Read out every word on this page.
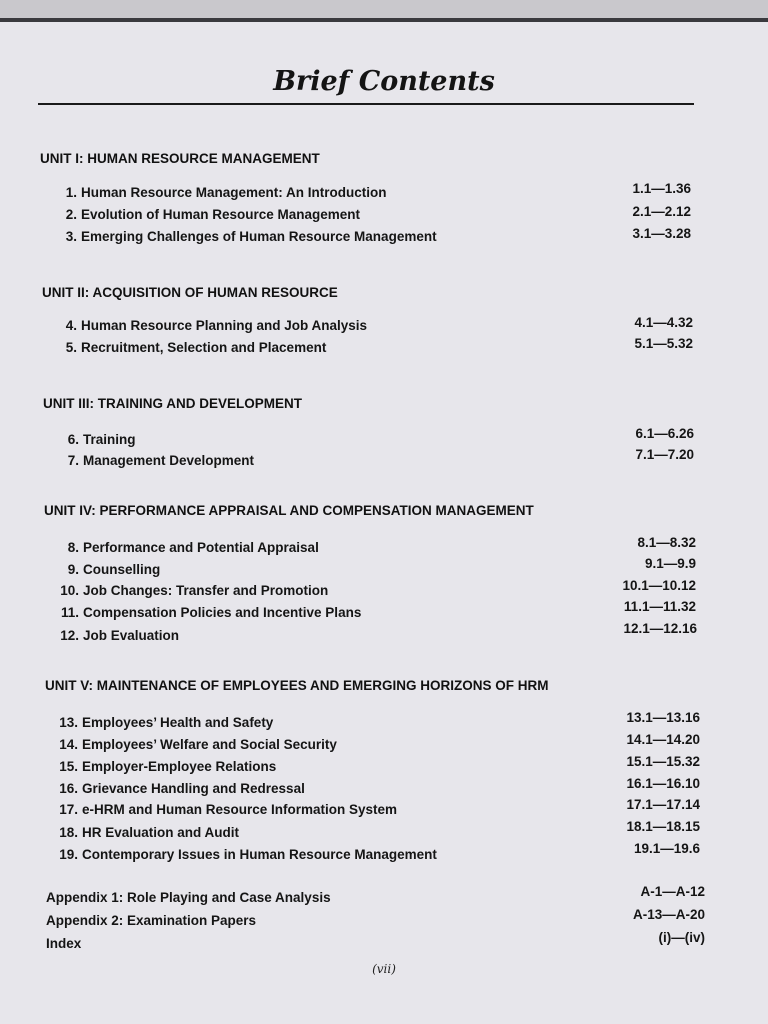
Brief Contents
UNIT I: HUMAN RESOURCE MANAGEMENT
1. Human Resource Management: An Introduction	1.1—1.36
2. Evolution of Human Resource Management	2.1—2.12
3. Emerging Challenges of Human Resource Management	3.1—3.28
UNIT II: ACQUISITION OF HUMAN RESOURCE
4. Human Resource Planning and Job Analysis	4.1—4.32
5. Recruitment, Selection and Placement	5.1—5.32
UNIT III: TRAINING AND DEVELOPMENT
6. Training	6.1—6.26
7. Management Development	7.1—7.20
UNIT IV: PERFORMANCE APPRAISAL AND COMPENSATION MANAGEMENT
8. Performance and Potential Appraisal	8.1—8.32
9. Counselling	9.1—9.9
10. Job Changes: Transfer and Promotion	10.1—10.12
11. Compensation Policies and Incentive Plans	11.1—11.32
12. Job Evaluation	12.1—12.16
UNIT V: MAINTENANCE OF EMPLOYEES AND EMERGING HORIZONS OF HRM
13. Employees’ Health and Safety	13.1—13.16
14. Employees’ Welfare and Social Security	14.1—14.20
15. Employer-Employee Relations	15.1—15.32
16. Grievance Handling and Redressal	16.1—16.10
17. e-HRM and Human Resource Information System	17.1—17.14
18. HR Evaluation and Audit	18.1—18.15
19. Contemporary Issues in Human Resource Management	19.1—19.6
Appendix 1: Role Playing and Case Analysis	A-1—A-12
Appendix 2: Examination Papers	A-13—A-20
Index	(i)—(iv)
(vii)
